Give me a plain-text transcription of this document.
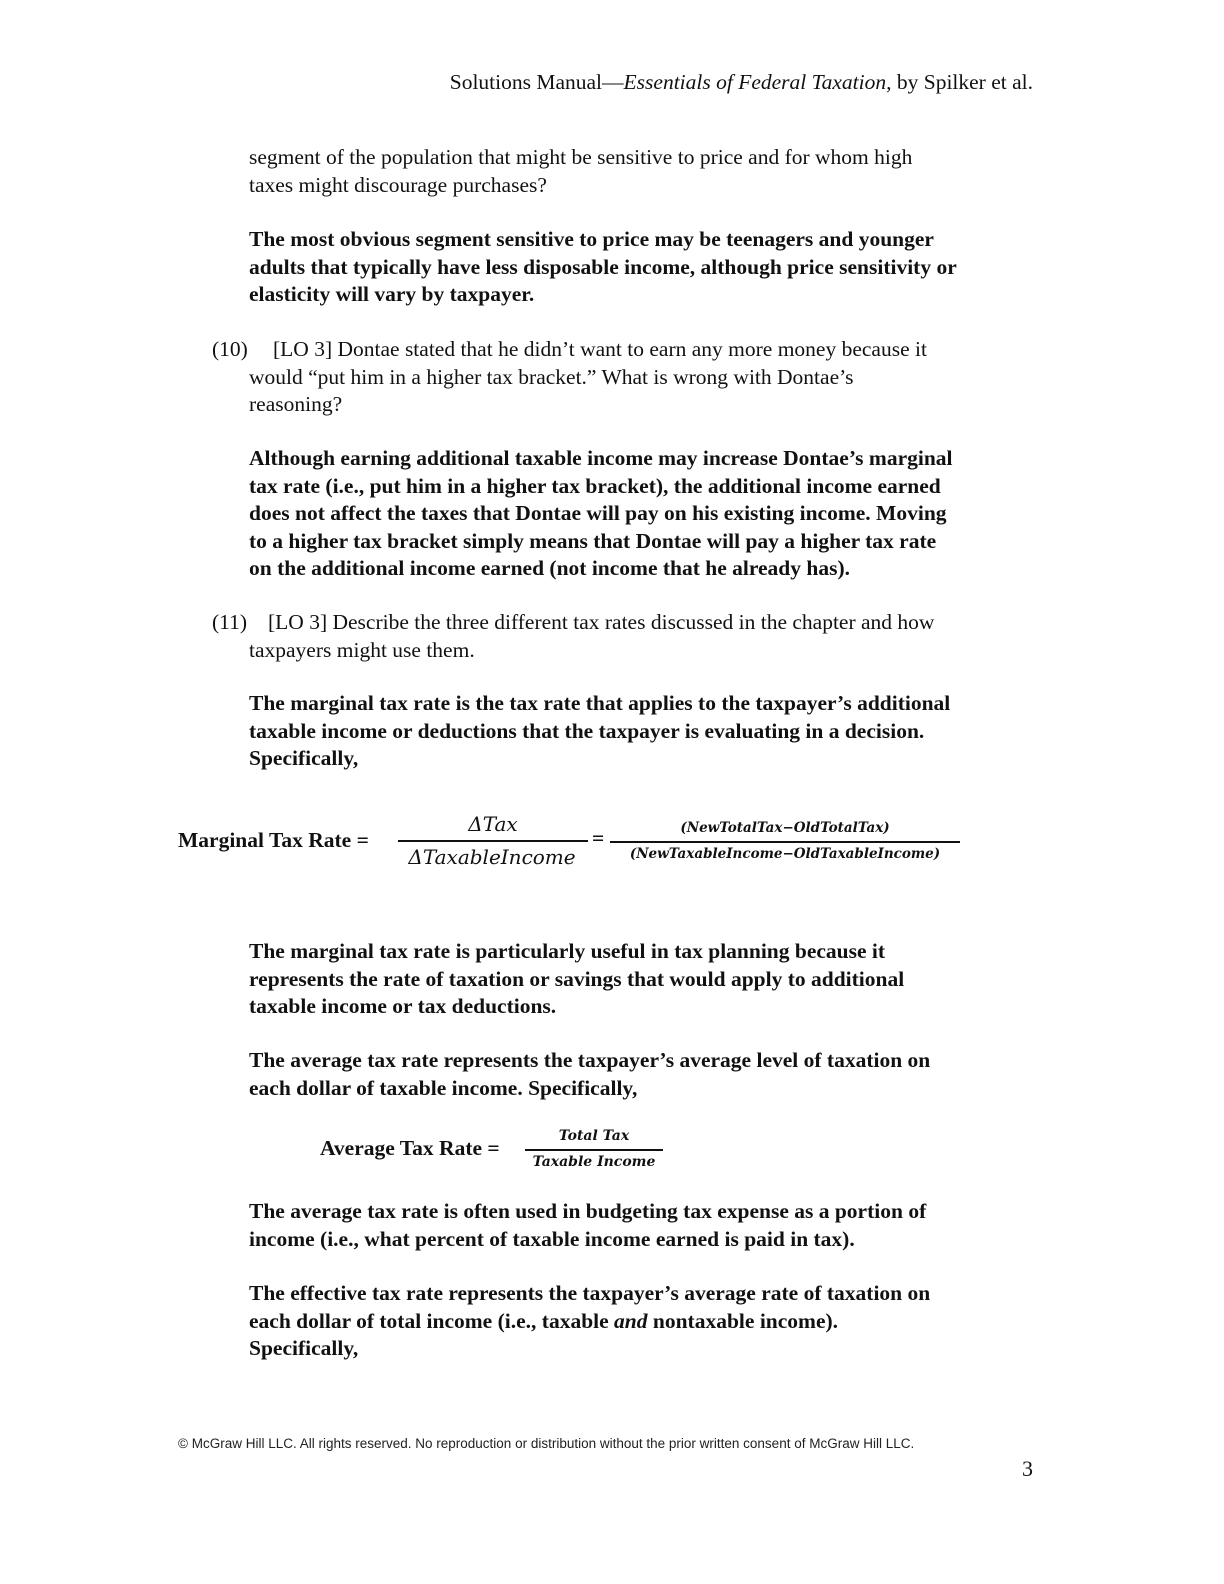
Solutions Manual—Essentials of Federal Taxation, by Spilker et al.
segment of the population that might be sensitive to price and for whom high
taxes might discourage purchases?
The most obvious segment sensitive to price may be teenagers and younger
adults that typically have less disposable income, although price sensitivity or
elasticity will vary by taxpayer.
(10) [LO 3] Dontae stated that he didn’t want to earn any more money because it
would “put him in a higher tax bracket.” What is wrong with Dontae’s
reasoning?
Although earning additional taxable income may increase Dontae’s marginal
tax rate (i.e., put him in a higher tax bracket), the additional income earned
does not affect the taxes that Dontae will pay on his existing income. Moving
to a higher tax bracket simply means that Dontae will pay a higher tax rate
on the additional income earned (not income that he already has).
(11) [LO 3] Describe the three different tax rates discussed in the chapter and how
taxpayers might use them.
The marginal tax rate is the tax rate that applies to the taxpayer’s additional
taxable income or deductions that the taxpayer is evaluating in a decision.
Specifically,
Marginal Tax Rate =
ΔTax
ΔTaxableIncome
=	(NewTotalTax−OldTotalTax)
(NewTaxableIncome−OldTaxableIncome)
The marginal tax rate is particularly useful in tax planning because it
represents the rate of taxation or savings that would apply to additional
taxable income or tax deductions.
The average tax rate represents the taxpayer’s average level of taxation on
each dollar of taxable income. Specifically,
Average Tax Rate =	Total Tax
Taxable Income
The average tax rate is often used in budgeting tax expense as a portion of
income (i.e., what percent of taxable income earned is paid in tax).
The effective tax rate represents the taxpayer’s average rate of taxation on
each dollar of total income (i.e., taxable and nontaxable income).
Specifically,
© McGraw Hill LLC. All rights reserved. No reproduction or distribution without the prior written consent of McGraw Hill LLC.
3
